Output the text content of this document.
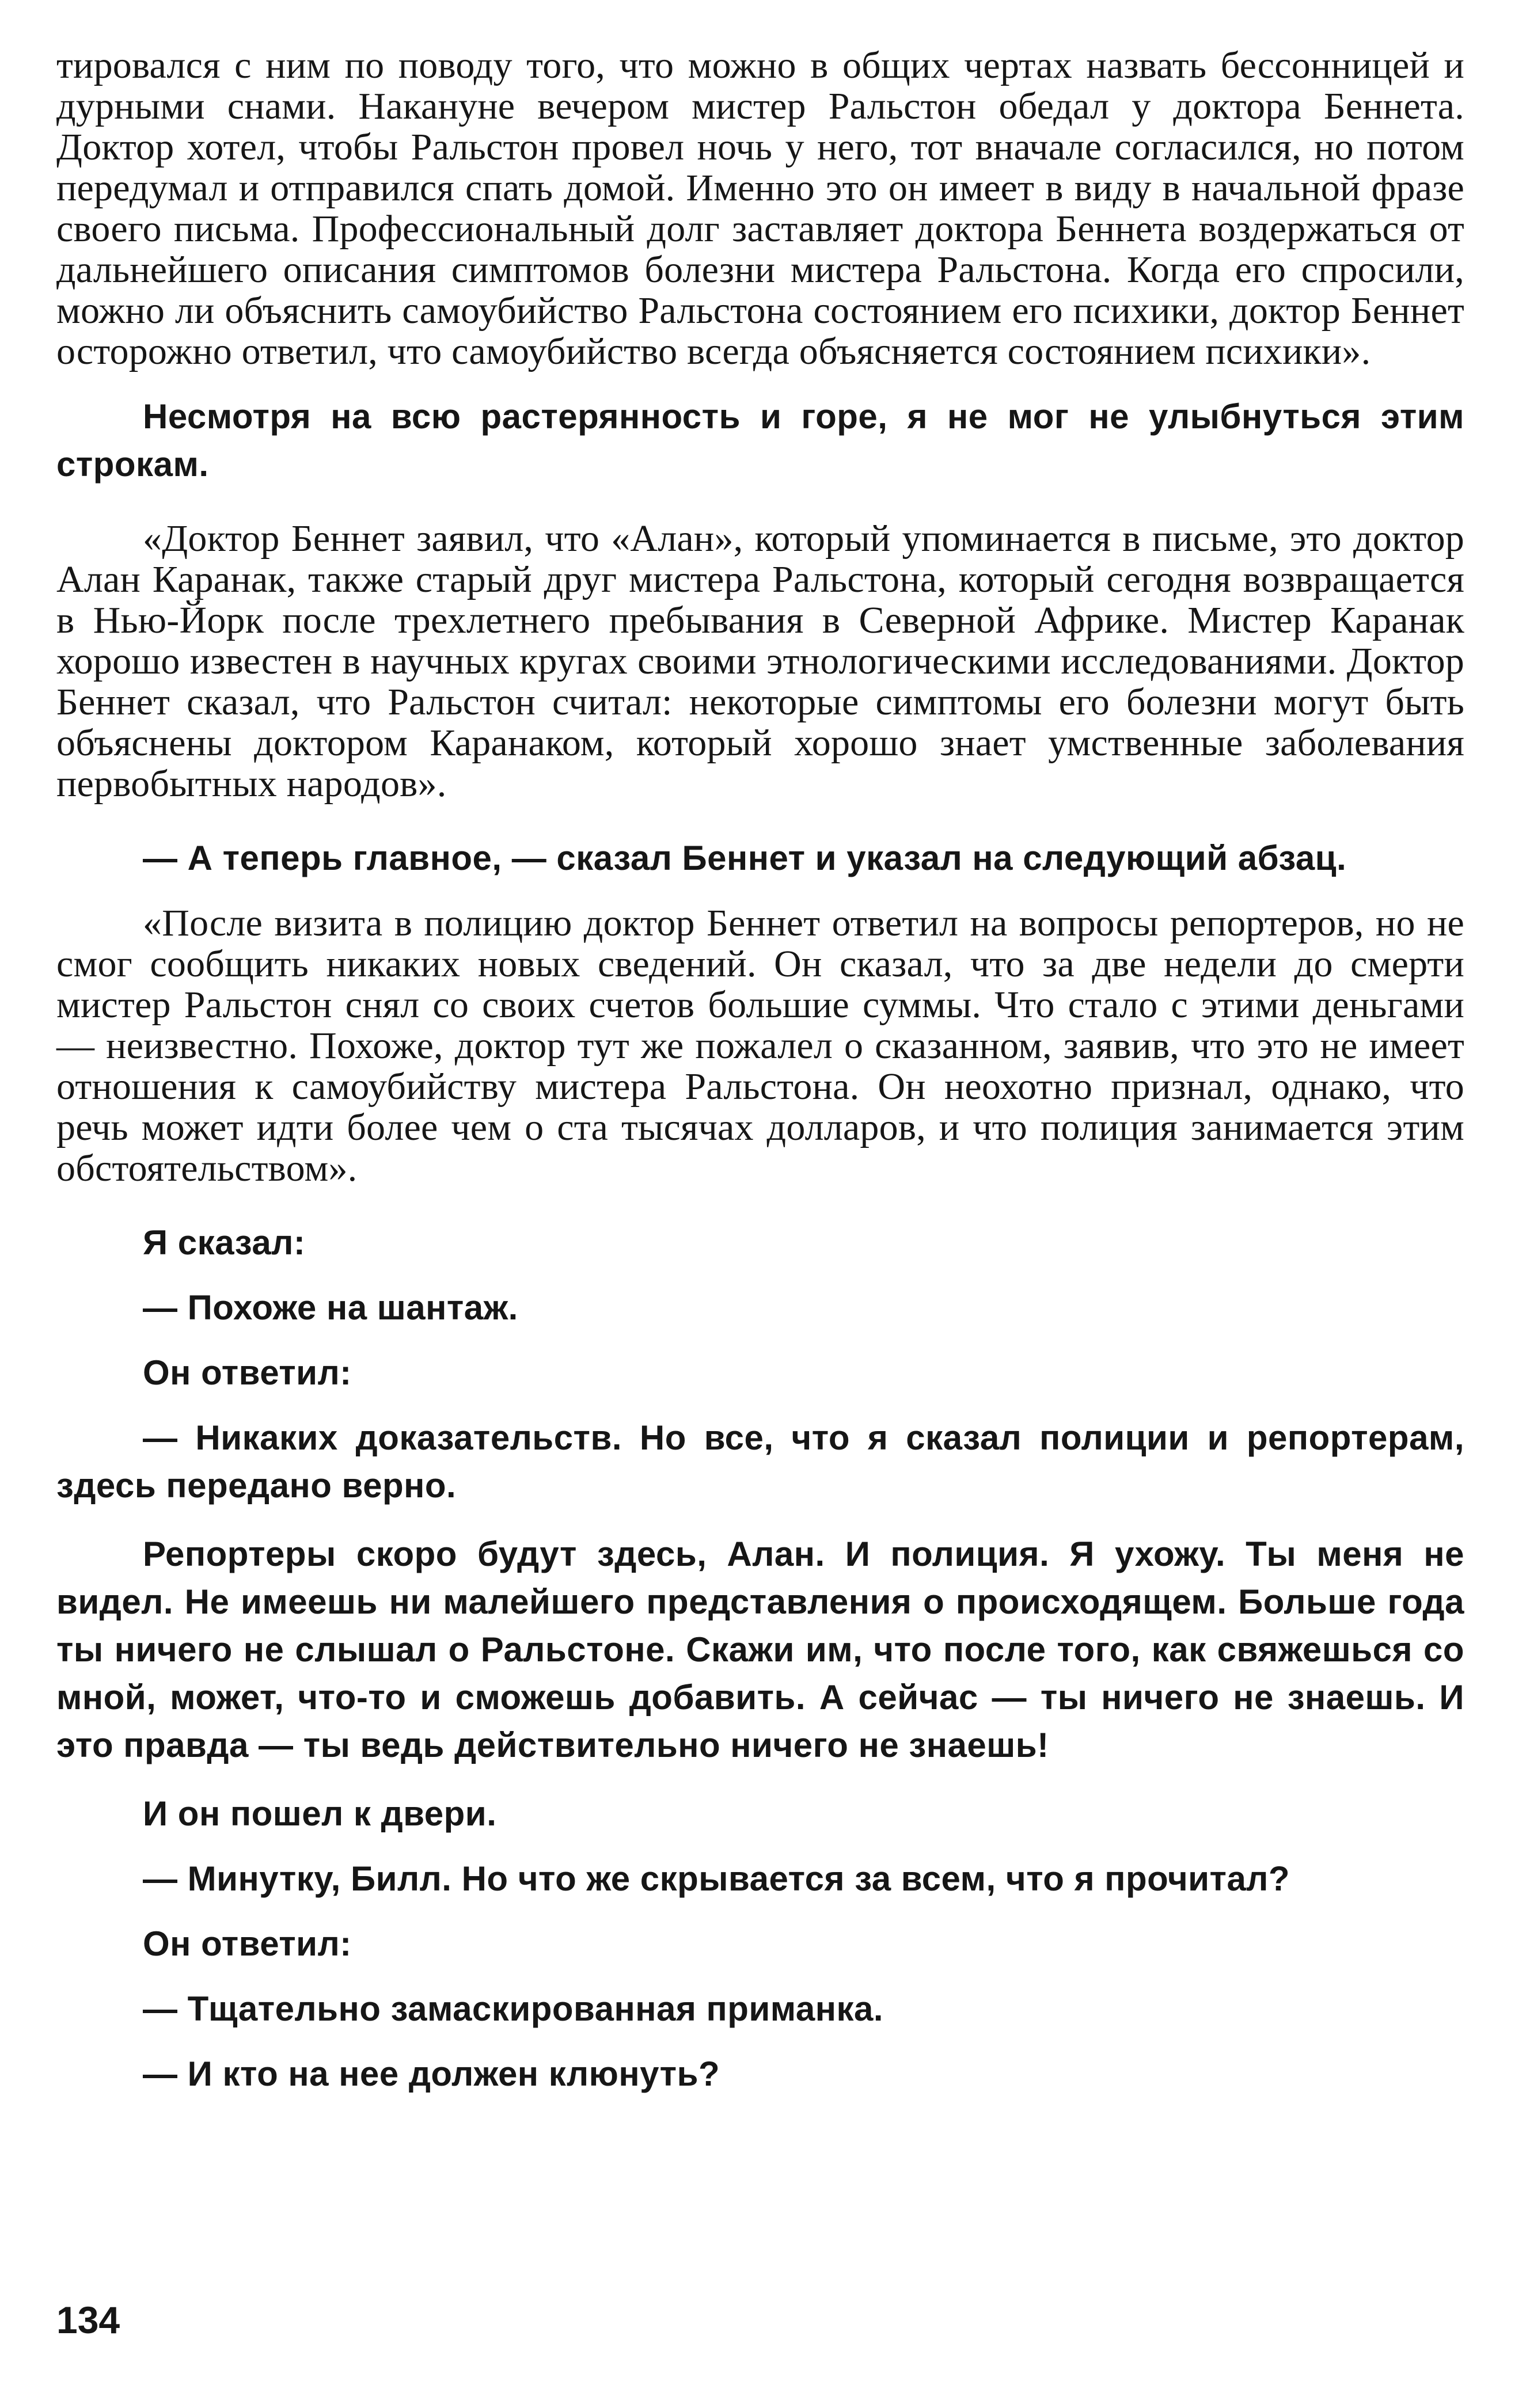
тировался с ним по поводу того, что можно в общих чертах назвать бессонницей и дурными снами. Накануне вечером мистер Ральстон обедал у доктора Беннета. Доктор хотел, чтобы Ральстон провел ночь у него, тот вначале согласился, но потом передумал и отправился спать домой. Именно это он имеет в виду в начальной фразе своего письма. Профессиональный долг заставляет доктора Беннета воздержаться от дальнейшего описания симптомов болезни мистера Ральстона. Когда его спросили, можно ли объяснить самоубийство Ральстона состоянием его психики, доктор Беннет осторожно ответил, что самоубийство всегда объясняется состоянием психики».

Несмотря на всю растерянность и горе, я не мог не улыбнуться этим строкам.

«Доктор Беннет заявил, что «Алан», который упоминается в письме, это доктор Алан Каранак, также старый друг мистера Ральстона, который сегодня возвращается в Нью-Йорк после трехлетнего пребывания в Северной Африке. Мистер Каранак хорошо известен в научных кругах своими этнологическими исследованиями. Доктор Беннет сказал, что Ральстон считал: некоторые симптомы его болезни могут быть объяснены доктором Каранаком, который хорошо знает умственные заболевания первобытных народов».

— А теперь главное, — сказал Беннет и указал на следующий абзац.

«После визита в полицию доктор Беннет ответил на вопросы репортеров, но не смог сообщить никаких новых сведений. Он сказал, что за две недели до смерти мистер Ральстон снял со своих счетов большие суммы. Что стало с этими деньгами — неизвестно. Похоже, доктор тут же пожалел о сказанном, заявив, что это не имеет отношения к самоубийству мистера Ральстона. Он неохотно признал, однако, что речь может идти более чем о ста тысячах долларов, и что полиция занимается этим обстоятельством».

Я сказал:

— Похоже на шантаж.

Он ответил:

— Никаких доказательств. Но все, что я сказал полиции и репортерам, здесь передано верно.

Репортеры скоро будут здесь, Алан. И полиция. Я ухожу. Ты меня не видел. Не имеешь ни малейшего представления о происходящем. Больше года ты ничего не слышал о Ральстоне. Скажи им, что после того, как свяжешься со мной, может, что-то и сможешь добавить. А сейчас — ты ничего не знаешь. И это правда — ты ведь действительно ничего не знаешь!

И он пошел к двери.

— Минутку, Билл. Но что же скрывается за всем, что я прочитал?

Он ответил:

— Тщательно замаскированная приманка.

— И кто на нее должен клюнуть?

134
